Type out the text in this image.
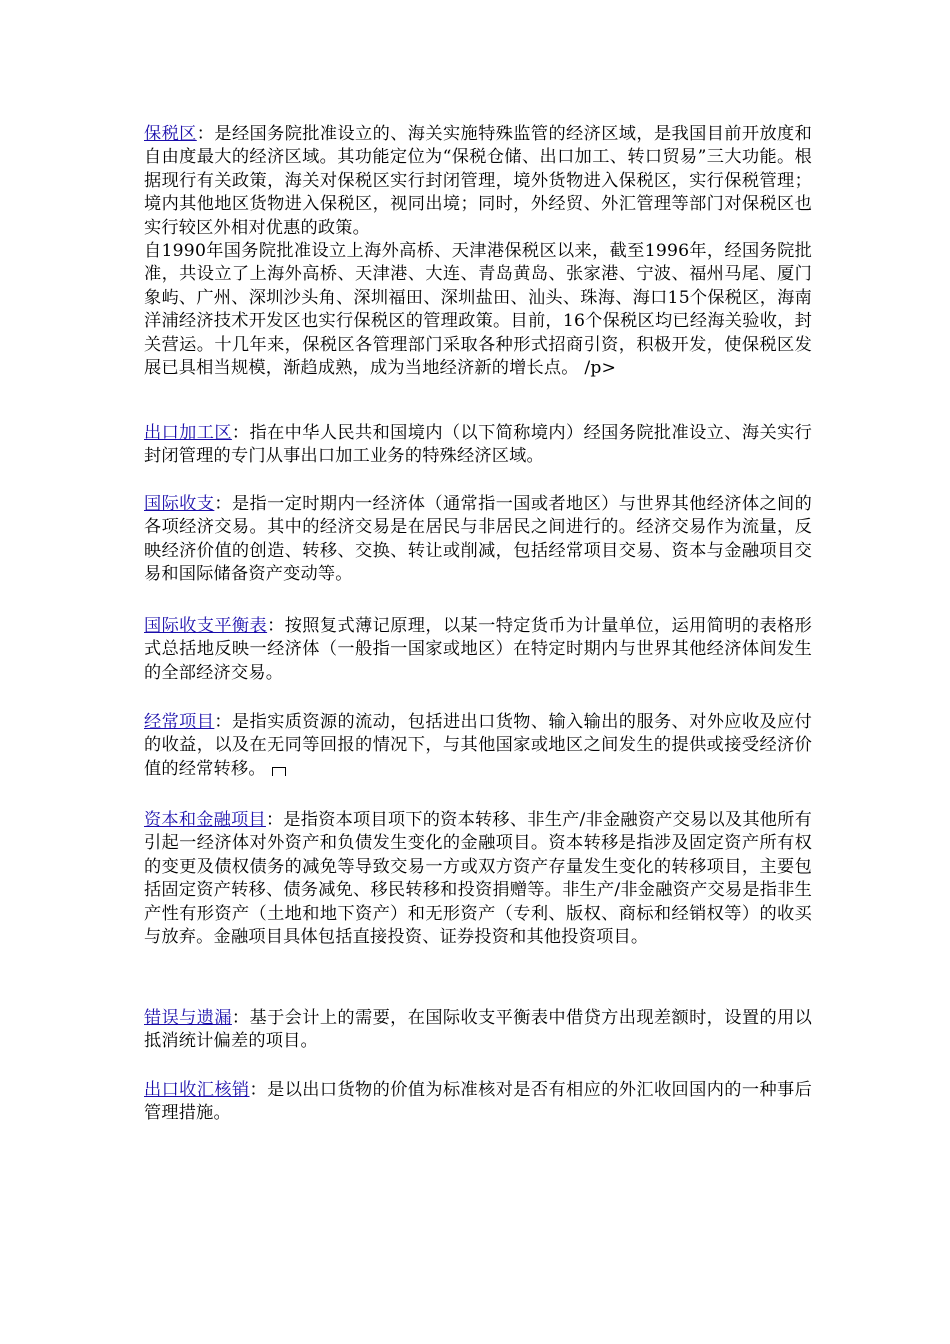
保税区：是经国务院批准设立的、海关实施特殊监管的经济区域，是我国目前开放度和自由度最大的经济区域。其功能定位为“保税仓储、出口加工、转口贸易”三大功能。根据现行有关政策，海关对保税区实行封闭管理，境外货物进入保税区，实行保税管理；境内其他地区货物进入保税区，视同出境；同时，外经贸、外汇管理等部门对保税区也实行较区外相对优惠的政策。

自1990年国务院批准设立上海外高桥、天津港保税区以来，截至1996年，经国务院批准，共设立了上海外高桥、天津港、大连、青岛黄岛、张家港、宁波、福州马尾、厦门象屿、广州、深圳沙头角、深圳福田、深圳盐田、汕头、珠海、海口15个保税区，海南洋浦经济技术开发区也实行保税区的管理政策。目前，16个保税区均已经海关验收，封关营运。十几年来，保税区各管理部门采取各种形式招商引资，积极开发，使保税区发展已具相当规模，渐趋成熟，成为当地经济新的增长点。 /p>

出口加工区：指在中华人民共和国境内（以下简称境内）经国务院批准设立、海关实行封闭管理的专门从事出口加工业务的特殊经济区域。

国际收支：是指一定时期内一经济体（通常指一国或者地区）与世界其他经济体之间的各项经济交易。其中的经济交易是在居民与非居民之间进行的。经济交易作为流量，反映经济价值的创造、转移、交换、转让或削减，包括经常项目交易、资本与金融项目交易和国际储备资产变动等。

国际收支平衡表：按照复式薄记原理，以某一特定货币为计量单位，运用简明的表格形式总括地反映一经济体（一般指一国家或地区）在特定时期内与世界其他经济体间发生的全部经济交易。

经常项目：是指实质资源的流动，包括进出口货物、输入输出的服务、对外应收及应付的收益，以及在无同等回报的情况下，与其他国家或地区之间发生的提供或接受经济价值的经常转移。

资本和金融项目：是指资本项目项下的资本转移、非生产/非金融资产交易以及其他所有引起一经济体对外资产和负债发生变化的金融项目。资本转移是指涉及固定资产所有权的变更及债权债务的减免等导致交易一方或双方资产存量发生变化的转移项目，主要包括固定资产转移、债务减免、移民转移和投资捐赠等。非生产/非金融资产交易是指非生产性有形资产（土地和地下资产）和无形资产（专利、版权、商标和经销权等）的收买与放弃。金融项目具体包括直接投资、证券投资和其他投资项目。

错误与遗漏：基于会计上的需要，在国际收支平衡表中借贷方出现差额时，设置的用以抵消统计偏差的项目。

出口收汇核销：是以出口货物的价值为标准核对是否有相应的外汇收回国内的一种事后管理措施。
